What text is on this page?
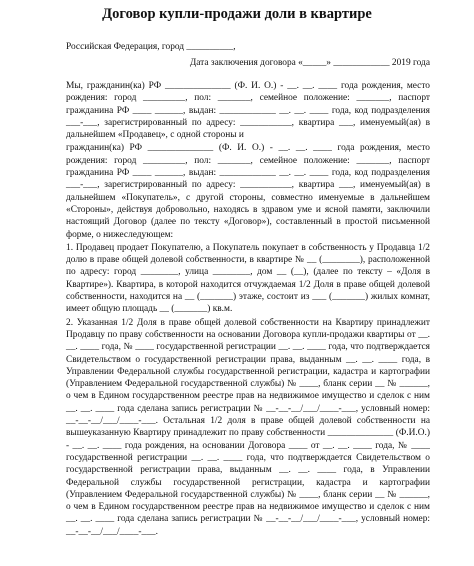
Договор купли-продажи доли в квартире
Российская Федерация, город __________,
Дата заключения договора «_____» ____________ 2019 года

Мы, гражданин(ка) РФ ______________ (Ф. И. О.) - __. __. ____ года рождения, место рождения: город _________, пол: _______, семейное положение: _______, паспорт гражданина РФ ____ ______, выдан: ____________ __. __. ____ года, код подразделения ___-___, зарегистрированный по адресу: ___________, квартира ___, именуемый(ая) в дальнейшем «Продавец», с одной стороны и

гражданин(ка) РФ ______________ (Ф. И. О.) - __. __. ____ года рождения, место рождения: город _________, пол: _______, семейное положение: _______, паспорт гражданина РФ ____ ______, выдан: ____________ __. __. ____ года, код подразделения ___-___, зарегистрированный по адресу: ___________, квартира ___, именуемый(ая) в дальнейшем «Покупатель», с другой стороны, совместно именуемые в дальнейшем «Стороны», действуя добровольно, находясь в здравом уме и ясной памяти, заключили настоящий Договор (далее по тексту «Договор»), составленный в простой письменной форме, о нижеследующем:

1. Продавец продает Покупателю, а Покупатель покупает в собственность у Продавца 1/2 долю в праве общей долевой собственности, в квартире № __ (________), расположенной по адресу: город ________, улица ________, дом __ (__), (далее по тексту – «Доля в Квартире»). Квартира, в которой находится отчуждаемая 1/2 Доля в праве общей долевой собственности, находится на __ (_______) этаже, состоит из ___ (_______) жилых комнат, имеет общую площадь __ (_______) кв.м.

2. Указанная 1/2 Доля в праве общей долевой собственности на Квартиру принадлежит Продавцу по праву собственности на основании Договора купли-продажи квартиры от __. __. ____ года, № ____ государственной регистрации __. __. ____ года, что подтверждается Свидетельством о государственной регистрации права, выданным __. __. ____ года, в Управлении Федеральной службы государственной регистрации, кадастра и картографии (Управлением Федеральной государственной службы) № ____, бланк серии __ № ______, о чем в Едином государственном реестре прав на недвижимое имущество и сделок с ним __. __. ____ года сделана запись регистрации № __-__-__/___/____-___, условный номер: __-__-__/___/____-___. Остальная 1/2 доля в праве общей долевой собственности на вышеуказанную Квартиру принадлежит по праву собственности ______________ (Ф.И.О.) - __. __. ____ года рождения, на основании Договора ____ от __. __. ____ года, № ____ государственной регистрации __. __. ____ года, что подтверждается Свидетельством о государственной регистрации права, выданным __. __. ____ года, в Управлении Федеральной службы государственной регистрации, кадастра и картографии (Управлением Федеральной государственной службы) № ____, бланк серии __ № ______, о чем в Едином государственном реестре прав на недвижимое имущество и сделок с ним __. __. ____ года сделана запись регистрации № __-__-__/___/____-___, условный номер: __-__-__/___/____-___.
